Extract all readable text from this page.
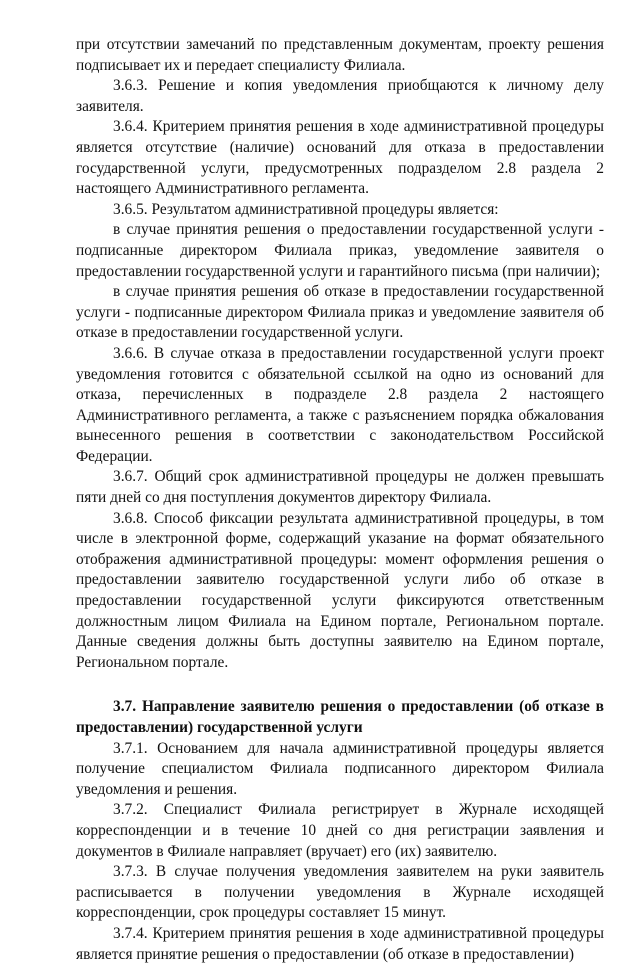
при отсутствии замечаний по представленным документам, проекту решения подписывает их и передает специалисту Филиала.

3.6.3. Решение и копия уведомления приобщаются к личному делу заявителя.

3.6.4. Критерием принятия решения в ходе административной процедуры является отсутствие (наличие) оснований для отказа в предоставлении государственной услуги, предусмотренных подразделом 2.8 раздела 2 настоящего Административного регламента.

3.6.5. Результатом административной процедуры является:

в случае принятия решения о предоставлении государственной услуги - подписанные директором Филиала приказ, уведомление заявителя о предоставлении государственной услуги и гарантийного письма (при наличии);

в случае принятия решения об отказе в предоставлении государственной услуги - подписанные директором Филиала приказ и уведомление заявителя об отказе в предоставлении государственной услуги.

3.6.6. В случае отказа в предоставлении государственной услуги проект уведомления готовится с обязательной ссылкой на одно из оснований для отказа, перечисленных в подразделе 2.8 раздела 2 настоящего Административного регламента, а также с разъяснением порядка обжалования вынесенного решения в соответствии с законодательством Российской Федерации.

3.6.7. Общий срок административной процедуры не должен превышать пяти дней со дня поступления документов директору Филиала.

3.6.8. Способ фиксации результата административной процедуры, в том числе в электронной форме, содержащий указание на формат обязательного отображения административной процедуры: момент оформления решения о предоставлении заявителю государственной услуги либо об отказе в предоставлении государственной услуги фиксируются ответственным должностным лицом Филиала на Едином портале, Региональном портале. Данные сведения должны быть доступны заявителю на Едином портале, Региональном портале.

3.7. Направление заявителю решения о предоставлении (об отказе в предоставлении) государственной услуги

3.7.1. Основанием для начала административной процедуры является получение специалистом Филиала подписанного директором Филиала уведомления и решения.

3.7.2. Специалист Филиала регистрирует в Журнале исходящей корреспонденции и в течение 10 дней со дня регистрации заявления и документов в Филиале направляет (вручает) его (их) заявителю.

3.7.3. В случае получения уведомления заявителем на руки заявитель расписывается в получении уведомления в Журнале исходящей корреспонденции, срок процедуры составляет 15 минут.

3.7.4. Критерием принятия решения в ходе административной процедуры является принятие решения о предоставлении (об отказе в предоставлении)
